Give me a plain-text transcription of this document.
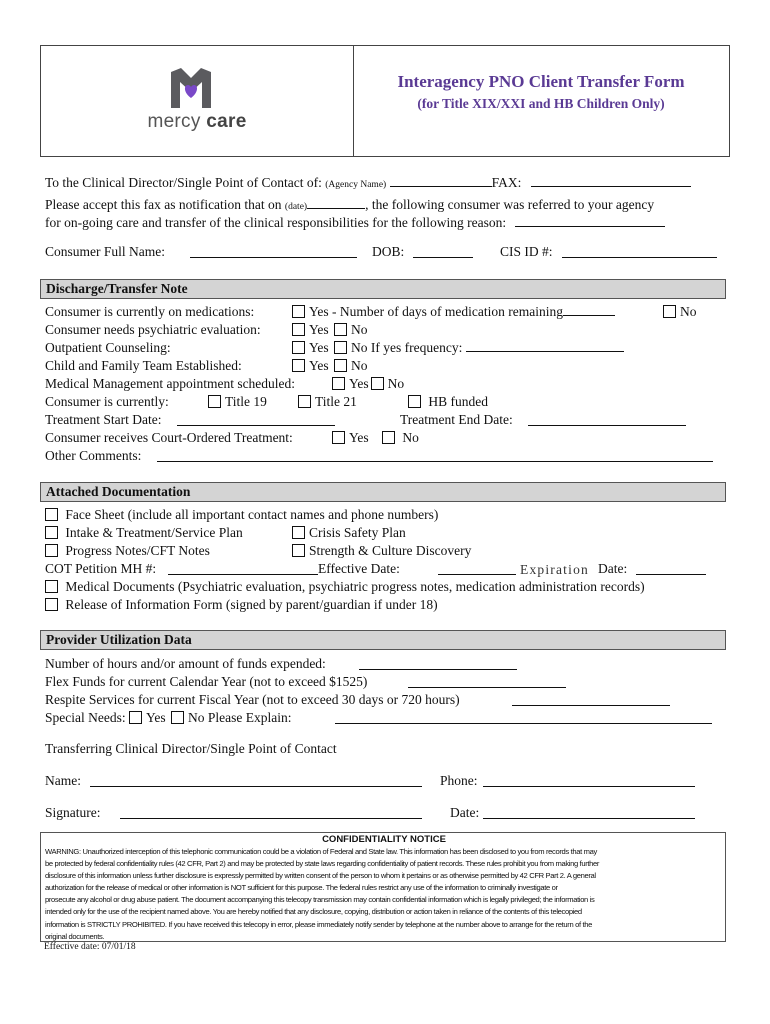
mercy care
Interagency PNO Client Transfer Form
(for Title XIX/XXI and HB Children Only)
To the Clinical Director/Single Point of Contact of: (Agency Name)	FAX:
Please accept this fax as notification that on (date)	, the following consumer was referred to your agency
for on-going care and transfer of the clinical responsibilities for the following reason:
Consumer Full Name:	DOB:	CIS ID #:
Discharge/Transfer Note
Consumer is currently on medications:	Yes - Number of days of medication remaining	No
Consumer needs psychiatric evaluation:	Yes No
Outpatient Counseling:	Yes No If yes frequency:
Child and Family Team Established:	Yes No
Medical Management appointment scheduled:	Yes No
Consumer is currently:	Title 19	Title 21	HB funded
Treatment Start Date:	Treatment End Date:
Consumer receives Court-Ordered Treatment:	Yes	No
Other Comments:
Attached Documentation
Face Sheet (include all important contact names and phone numbers)
Intake & Treatment/Service Plan	Crisis Safety Plan
Progress Notes/CFT Notes	Strength & Culture Discovery
COT Petition MH #:	Effective Date:	Expiration Date:
Medical Documents (Psychiatric evaluation, psychiatric progress notes, medication administration records)
Release of Information Form (signed by parent/guardian if under 18)
Provider Utilization Data
Number of hours and/or amount of funds expended:
Flex Funds for current Calendar Year (not to exceed $1525)
Respite Services for current Fiscal Year (not to exceed 30 days or 720 hours)
Special Needs: Yes No Please Explain:
Transferring Clinical Director/Single Point of Contact
Name:	Phone:
Signature:	Date:
CONFIDENTIALITY NOTICE
WARNING: Unauthorized interception of this telephonic communication could be a violation of Federal and State law. This information has been disclosed to you from records that may
be protected by federal confidentiality rules (42 CFR, Part 2) and may be protected by state laws regarding confidentiality of patient records. These rules prohibit you from making further
disclosure of this information unless further disclosure is expressly permitted by written consent of the person to whom it pertains or as otherwise permitted by 42 CFR Part 2. A general
authorization for the release of medical or other information is NOT sufficient for this purpose. The federal rules restrict any use of the information to criminally investigate or
prosecute any alcohol or drug abuse patient. The document accompanying this telecopy transmission may contain confidential information which is legally privileged; the information is
intended only for the use of the recipient named above. You are hereby notified that any disclosure, copying, distribution or action taken in reliance of the contents of this telecopied
information is STRICTLY PROHIBITED. If you have received this telecopy in error, please immediately notify sender by telephone at the number above to arrange for the return of the
original documents.
Effective date: 07/01/18
